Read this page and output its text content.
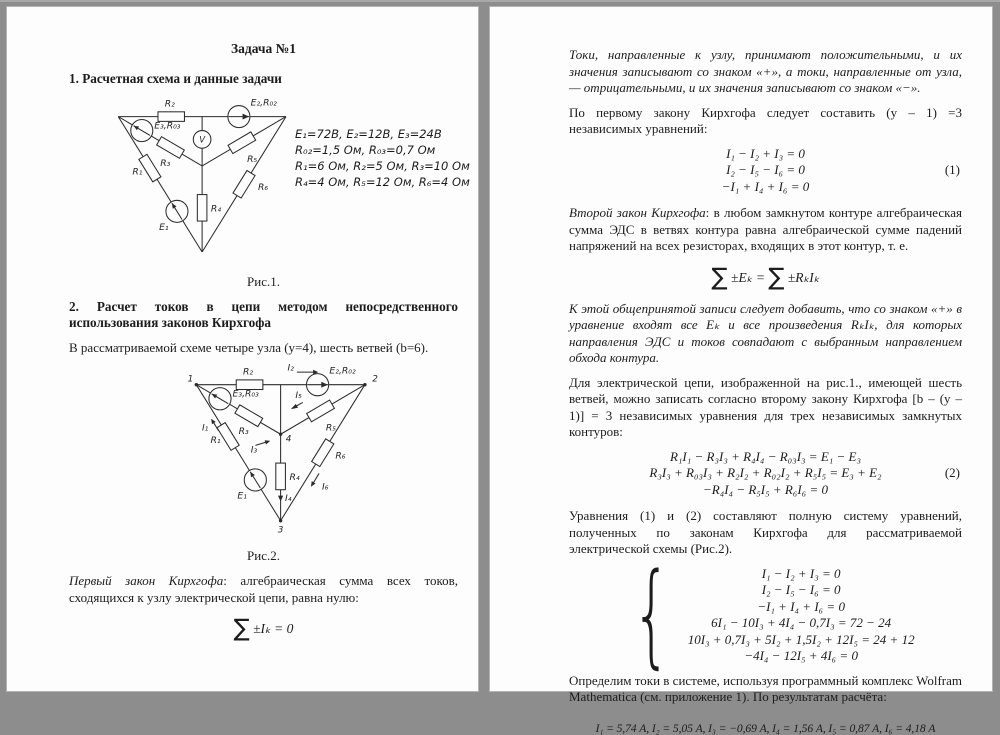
Задача №1
1. Расчетная схема и данные задачи
R₂	E₂,R₀₂
E₃,R₀₃
R₃
R₁
E₁
R₅
R₆
R₄
V	E₁=72В, E₂=12В, E₃=24В
R₀₂=1,5 Ом, R₀₃=0,7 Ом
R₁=6 Ом, R₂=5 Ом, R₃=10 Ом
R₄=4 Ом, R₅=12 Ом, R₆=4 Ом
Рис.1.
2. Расчет токов в цепи методом непосредственного использования законов Кирхгофа
В рассматриваемой схеме четыре узла (у=4), шесть ветвей (b=6).
R₂	E₂,R₀₂
E₃,R₀₃
R₃
R₁
E₁
R₅
R₆
R₄
I₂
I₅
I₃
I₁
I₄
I₆
1	2
3
4
Рис.2.
Первый закон Кирхгофа: алгебраическая сумма всех токов, сходящихся к узлу электрической цепи, равна нулю:
∑ ±Iₖ = 0
Токи, направленные к узлу, принимают положительными, и их значения записывают со знаком «+», а токи, направленные от узла, — отрицательными, и их значения записывают со знаком «−».
По первому закону Кирхгофа следует составить (у – 1) =3 независимых уравнений:
I₁ − I₂ + I₃ = 0
I₂ − I₅ − I₆ = 0
−I₁ + I₄ + I₆ = 0
(1)
Второй закон Кирхгофа: в любом замкнутом контуре алгебраическая сумма ЭДС в ветвях контура равна алгебраической сумме падений напряжений на всех резисторах, входящих в этот контур, т. е.
∑ ±Eₖ = ∑ ±RₖIₖ
К этой общепринятой записи следует добавить, что со знаком «+» в уравнение входят все Eₖ и все произведения RₖIₖ, для которых направления ЭДС и токов совпадают с выбранным направлением обхода контура.
Для электрической цепи, изображенной на рис.1., имеющей шесть ветвей, можно записать согласно второму закону Кирхгофа [b – (у – 1)] = 3 независимых уравнения для трех независимых замкнутых контуров:
R₁I₁ − R₃I₃ + R₄I₄ − R₀₃I₃ = E₁ − E₃
R₃I₃ + R₀₃I₃ + R₂I₂ + R₀₂I₂ + R₅I₅ = E₃ + E₂
−R₄I₄ − R₅I₅ + R₆I₆ = 0
(2)
Уравнения (1) и (2) составляют полную систему уравнений, полученных по законам Кирхгофа для рассматриваемой электрической схемы (Рис.2).
{	I₁ − I₂ + I₃ = 0
I₂ − I₅ − I₆ = 0
−I₁ + I₄ + I₆ = 0
6I₁ − 10I₃ + 4I₄ − 0,7I₃ = 72 − 24
10I₃ + 0,7I₃ + 5I₂ + 1,5I₂ + 12I₅ = 24 + 12
−4I₄ − 12I₅ + 4I₆ = 0
Определим токи в системе, используя программный комплекс Wolfram Mathematica (см. приложение 1). По результатам расчёта:
I₁ = 5,74 А, I₂ = 5,05 А, I₃ = −0,69 А, I₄ = 1,56 А, I₅ = 0,87 А, I₆ = 4,18 А
